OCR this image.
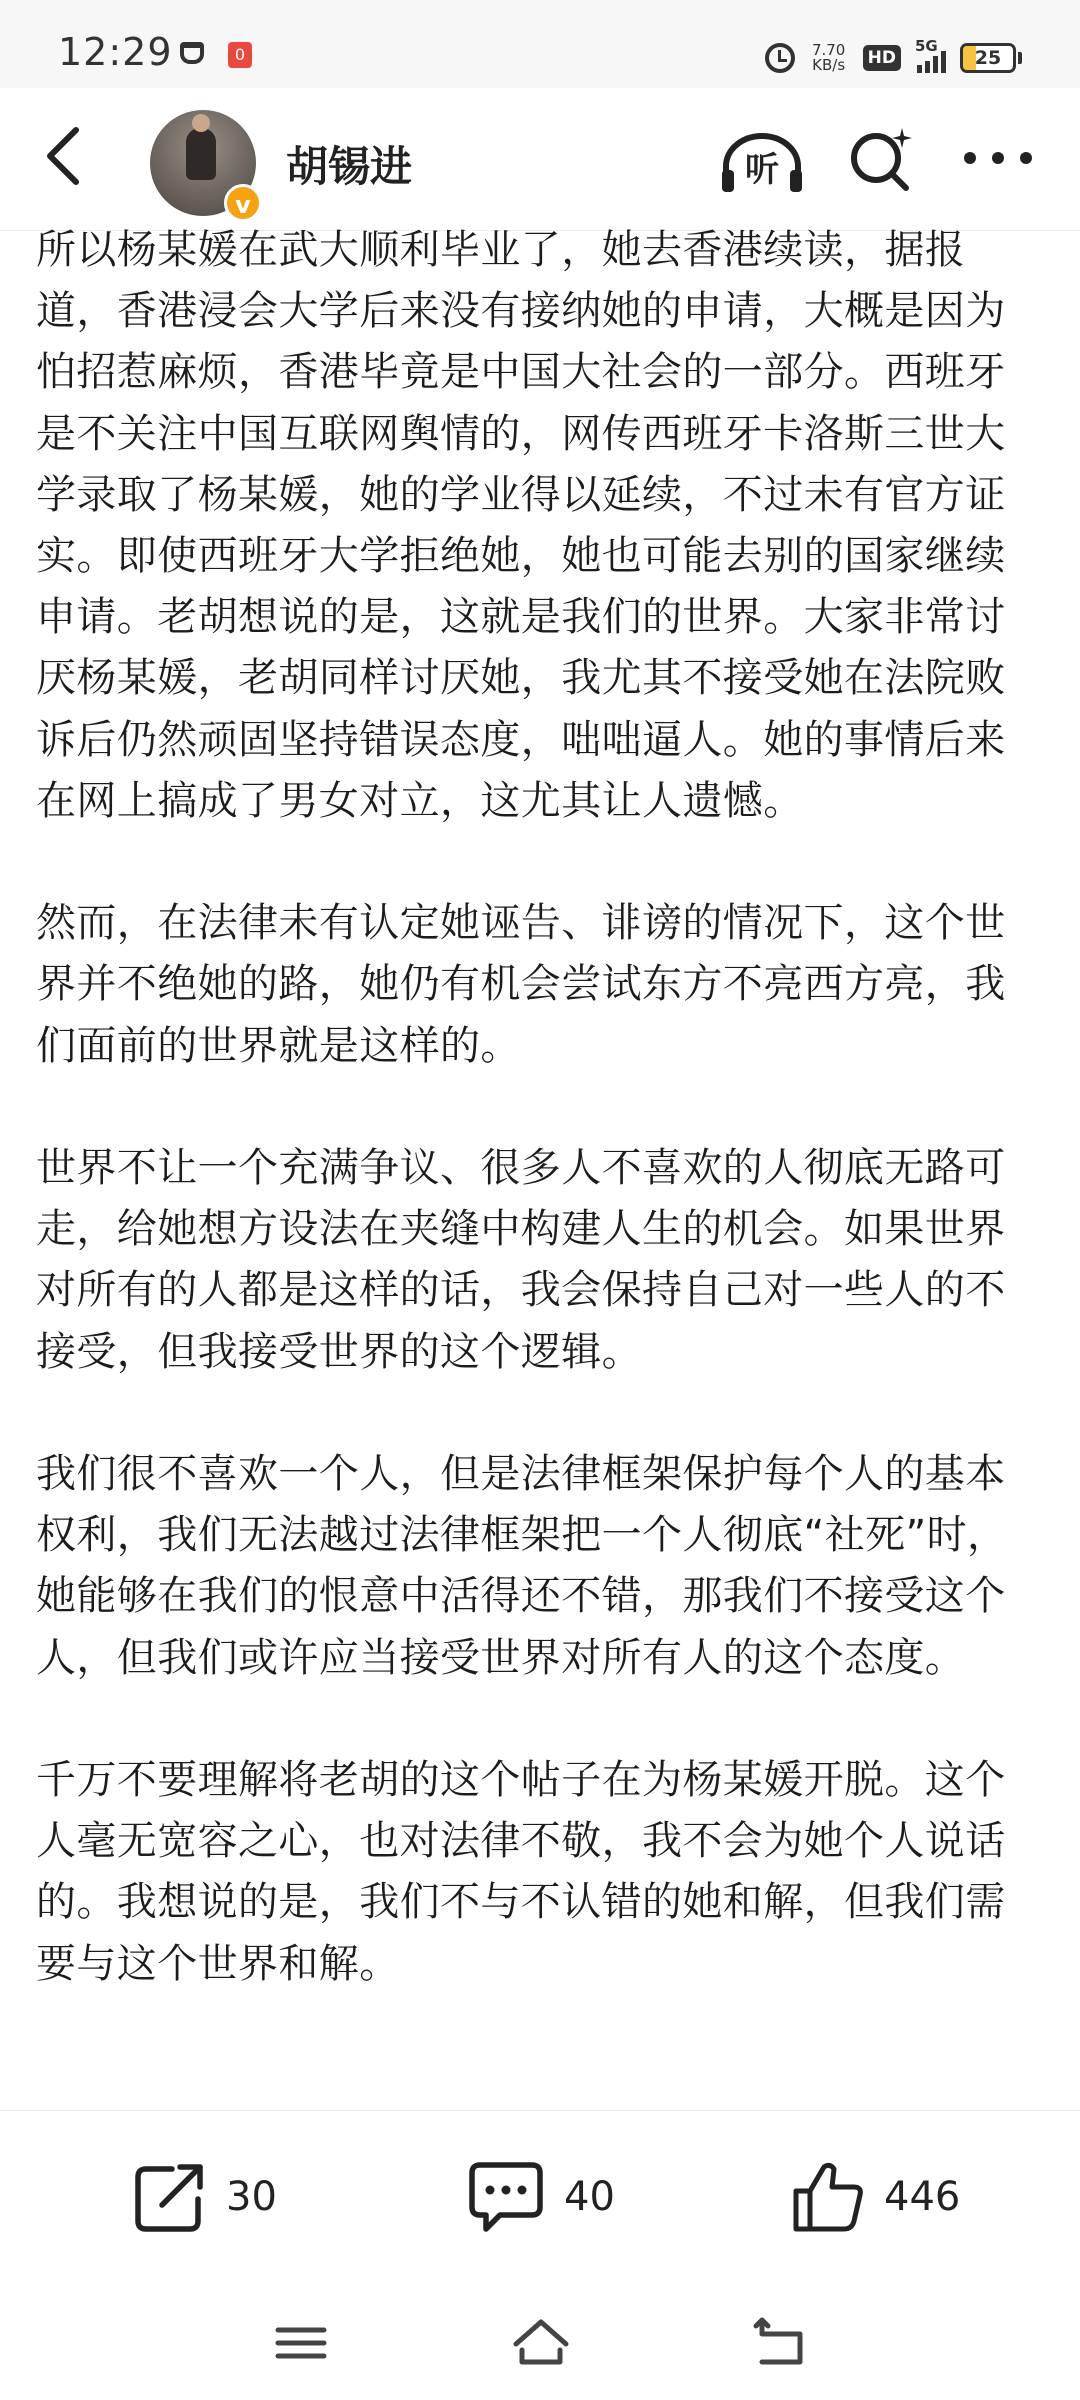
12:29	0	7.70
KB/s HD
5G
25
v
胡锡进	听

所以杨某媛在武大顺利毕业了，她去香港续读，据报道，香港浸会大学后来没有接纳她的申请，大概是因为怕招惹麻烦，香港毕竟是中国大社会的一部分。西班牙是不关注中国互联网舆情的，网传西班牙卡洛斯三世大学录取了杨某媛，她的学业得以延续，不过未有官方证实。即使西班牙大学拒绝她，她也可能去别的国家继续申请。老胡想说的是，这就是我们的世界。大家非常讨厌杨某媛，老胡同样讨厌她，我尤其不接受她在法院败诉后仍然顽固坚持错误态度，咄咄逼人。她的事情后来在网上搞成了男女对立，这尤其让人遗憾。

然而，在法律未有认定她诬告、诽谤的情况下，这个世界并不绝她的路，她仍有机会尝试东方不亮西方亮，我们面前的世界就是这样的。

世界不让一个充满争议、很多人不喜欢的人彻底无路可走，给她想方设法在夹缝中构建人生的机会。如果世界对所有的人都是这样的话，我会保持自己对一些人的不接受，但我接受世界的这个逻辑。

我们很不喜欢一个人，但是法律框架保护每个人的基本权利，我们无法越过法律框架把一个人彻底“社死”时，她能够在我们的恨意中活得还不错，那我们不接受这个人，但我们或许应当接受世界对所有人的这个态度。

千万不要理解将老胡的这个帖子在为杨某媛开脱。这个人毫无宽容之心，也对法律不敬，我不会为她个人说话的。我想说的是，我们不与不认错的她和解，但我们需要与这个世界和解。

30	40	446
